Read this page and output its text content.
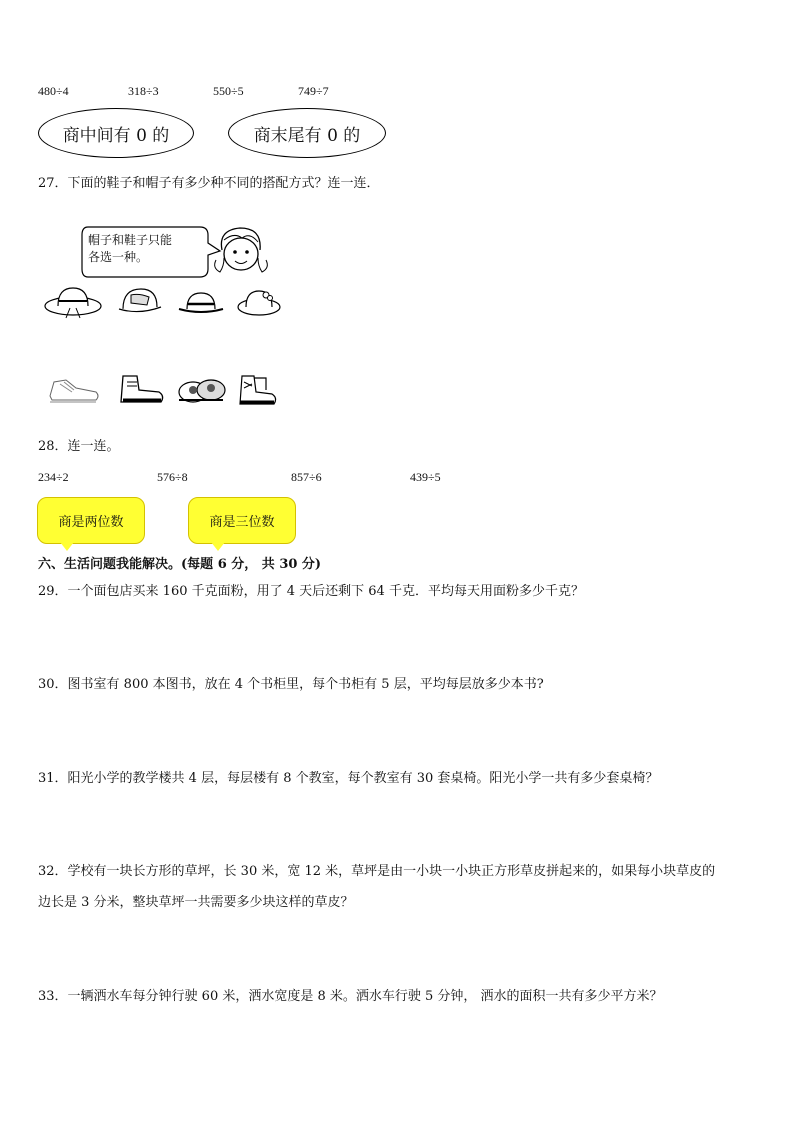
480÷4	318÷3	550÷5	749÷7
商中间有 0 的	商末尾有 0 的
27．下面的鞋子和帽子有多少种不同的搭配方式？连一连．
帽子和鞋子只能
各选一种。
28．连一连。
234÷2	576÷8	857÷6	439÷5
商是两位数	商是三位数
六、生活问题我能解决。(每题 6 分， 共 30 分)
29．一个面包店买来 160 千克面粉，用了 4 天后还剩下 64 千克．平均每天用面粉多少千克？
30．图书室有 800 本图书，放在 4 个书柜里，每个书柜有 5 层，平均每层放多少本书?
31．阳光小学的教学楼共 4 层，每层楼有 8 个教室，每个教室有 30 套桌椅。阳光小学一共有多少套桌椅？
32．学校有一块长方形的草坪，长 30 米，宽 12 米，草坪是由一小块一小块正方形草皮拼起来的，如果每小块草皮的
边长是 3 分米，整块草坪一共需要多少块这样的草皮？
33．一辆洒水车每分钟行驶 60 米，洒水宽度是 8 米。洒水车行驶 5 分钟， 洒水的面积一共有多少平方米？
